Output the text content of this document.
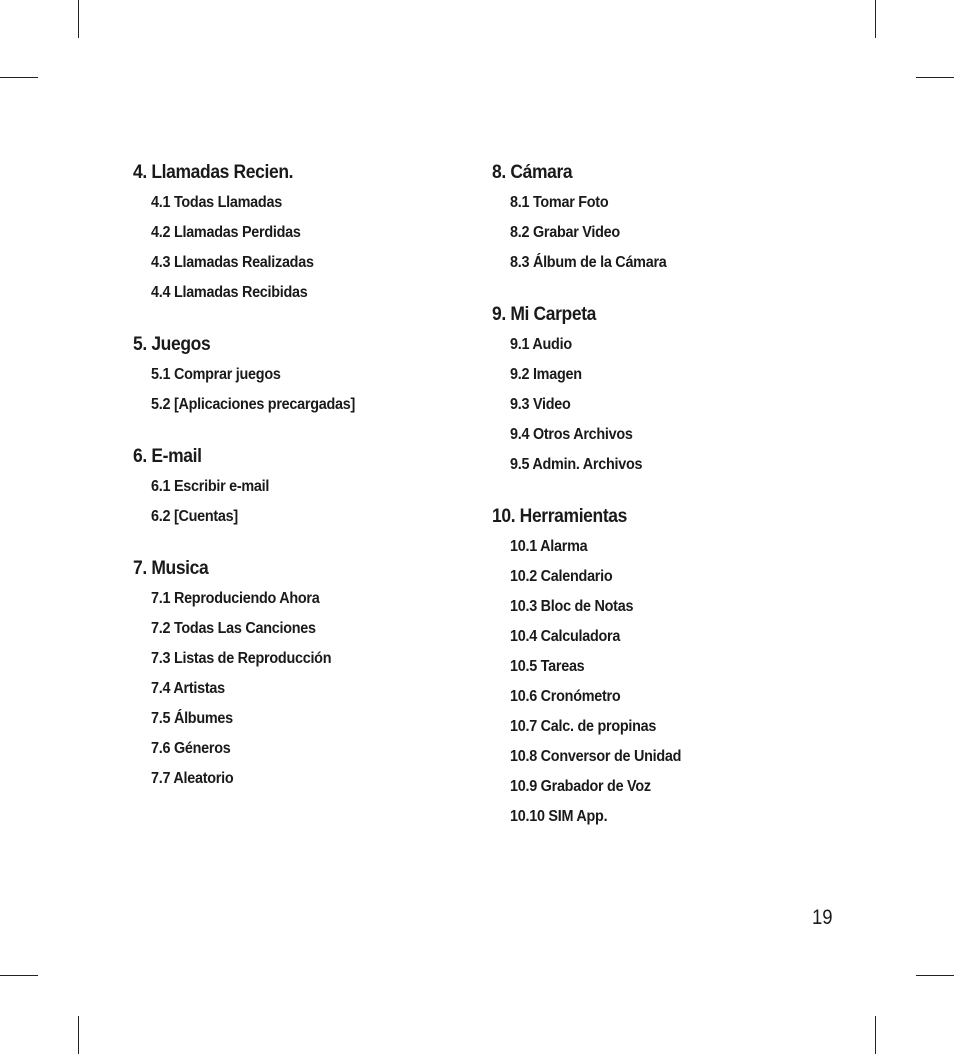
4. Llamadas Recien.
4.1 Todas Llamadas
4.2 Llamadas Perdidas
4.3 Llamadas Realizadas
4.4 Llamadas Recibidas
5. Juegos
5.1 Comprar juegos
5.2 [Aplicaciones precargadas]
6. E-mail
6.1 Escribir e-mail
6.2 [Cuentas]
7. Musica
7.1 Reproduciendo Ahora
7.2 Todas Las Canciones
7.3 Listas de Reproducción
7.4 Artistas
7.5 Álbumes
7.6 Géneros
7.7 Aleatorio
8. Cámara
8.1 Tomar Foto
8.2 Grabar Video
8.3 Álbum de la Cámara
9. Mi Carpeta
9.1 Audio
9.2 Imagen
9.3 Video
9.4 Otros Archivos
9.5 Admin. Archivos
10. Herramientas
10.1 Alarma
10.2 Calendario
10.3 Bloc de Notas
10.4 Calculadora
10.5 Tareas
10.6 Cronómetro
10.7 Calc. de propinas
10.8 Conversor de Unidad
10.9 Grabador de Voz
10.10 SIM App.
19
